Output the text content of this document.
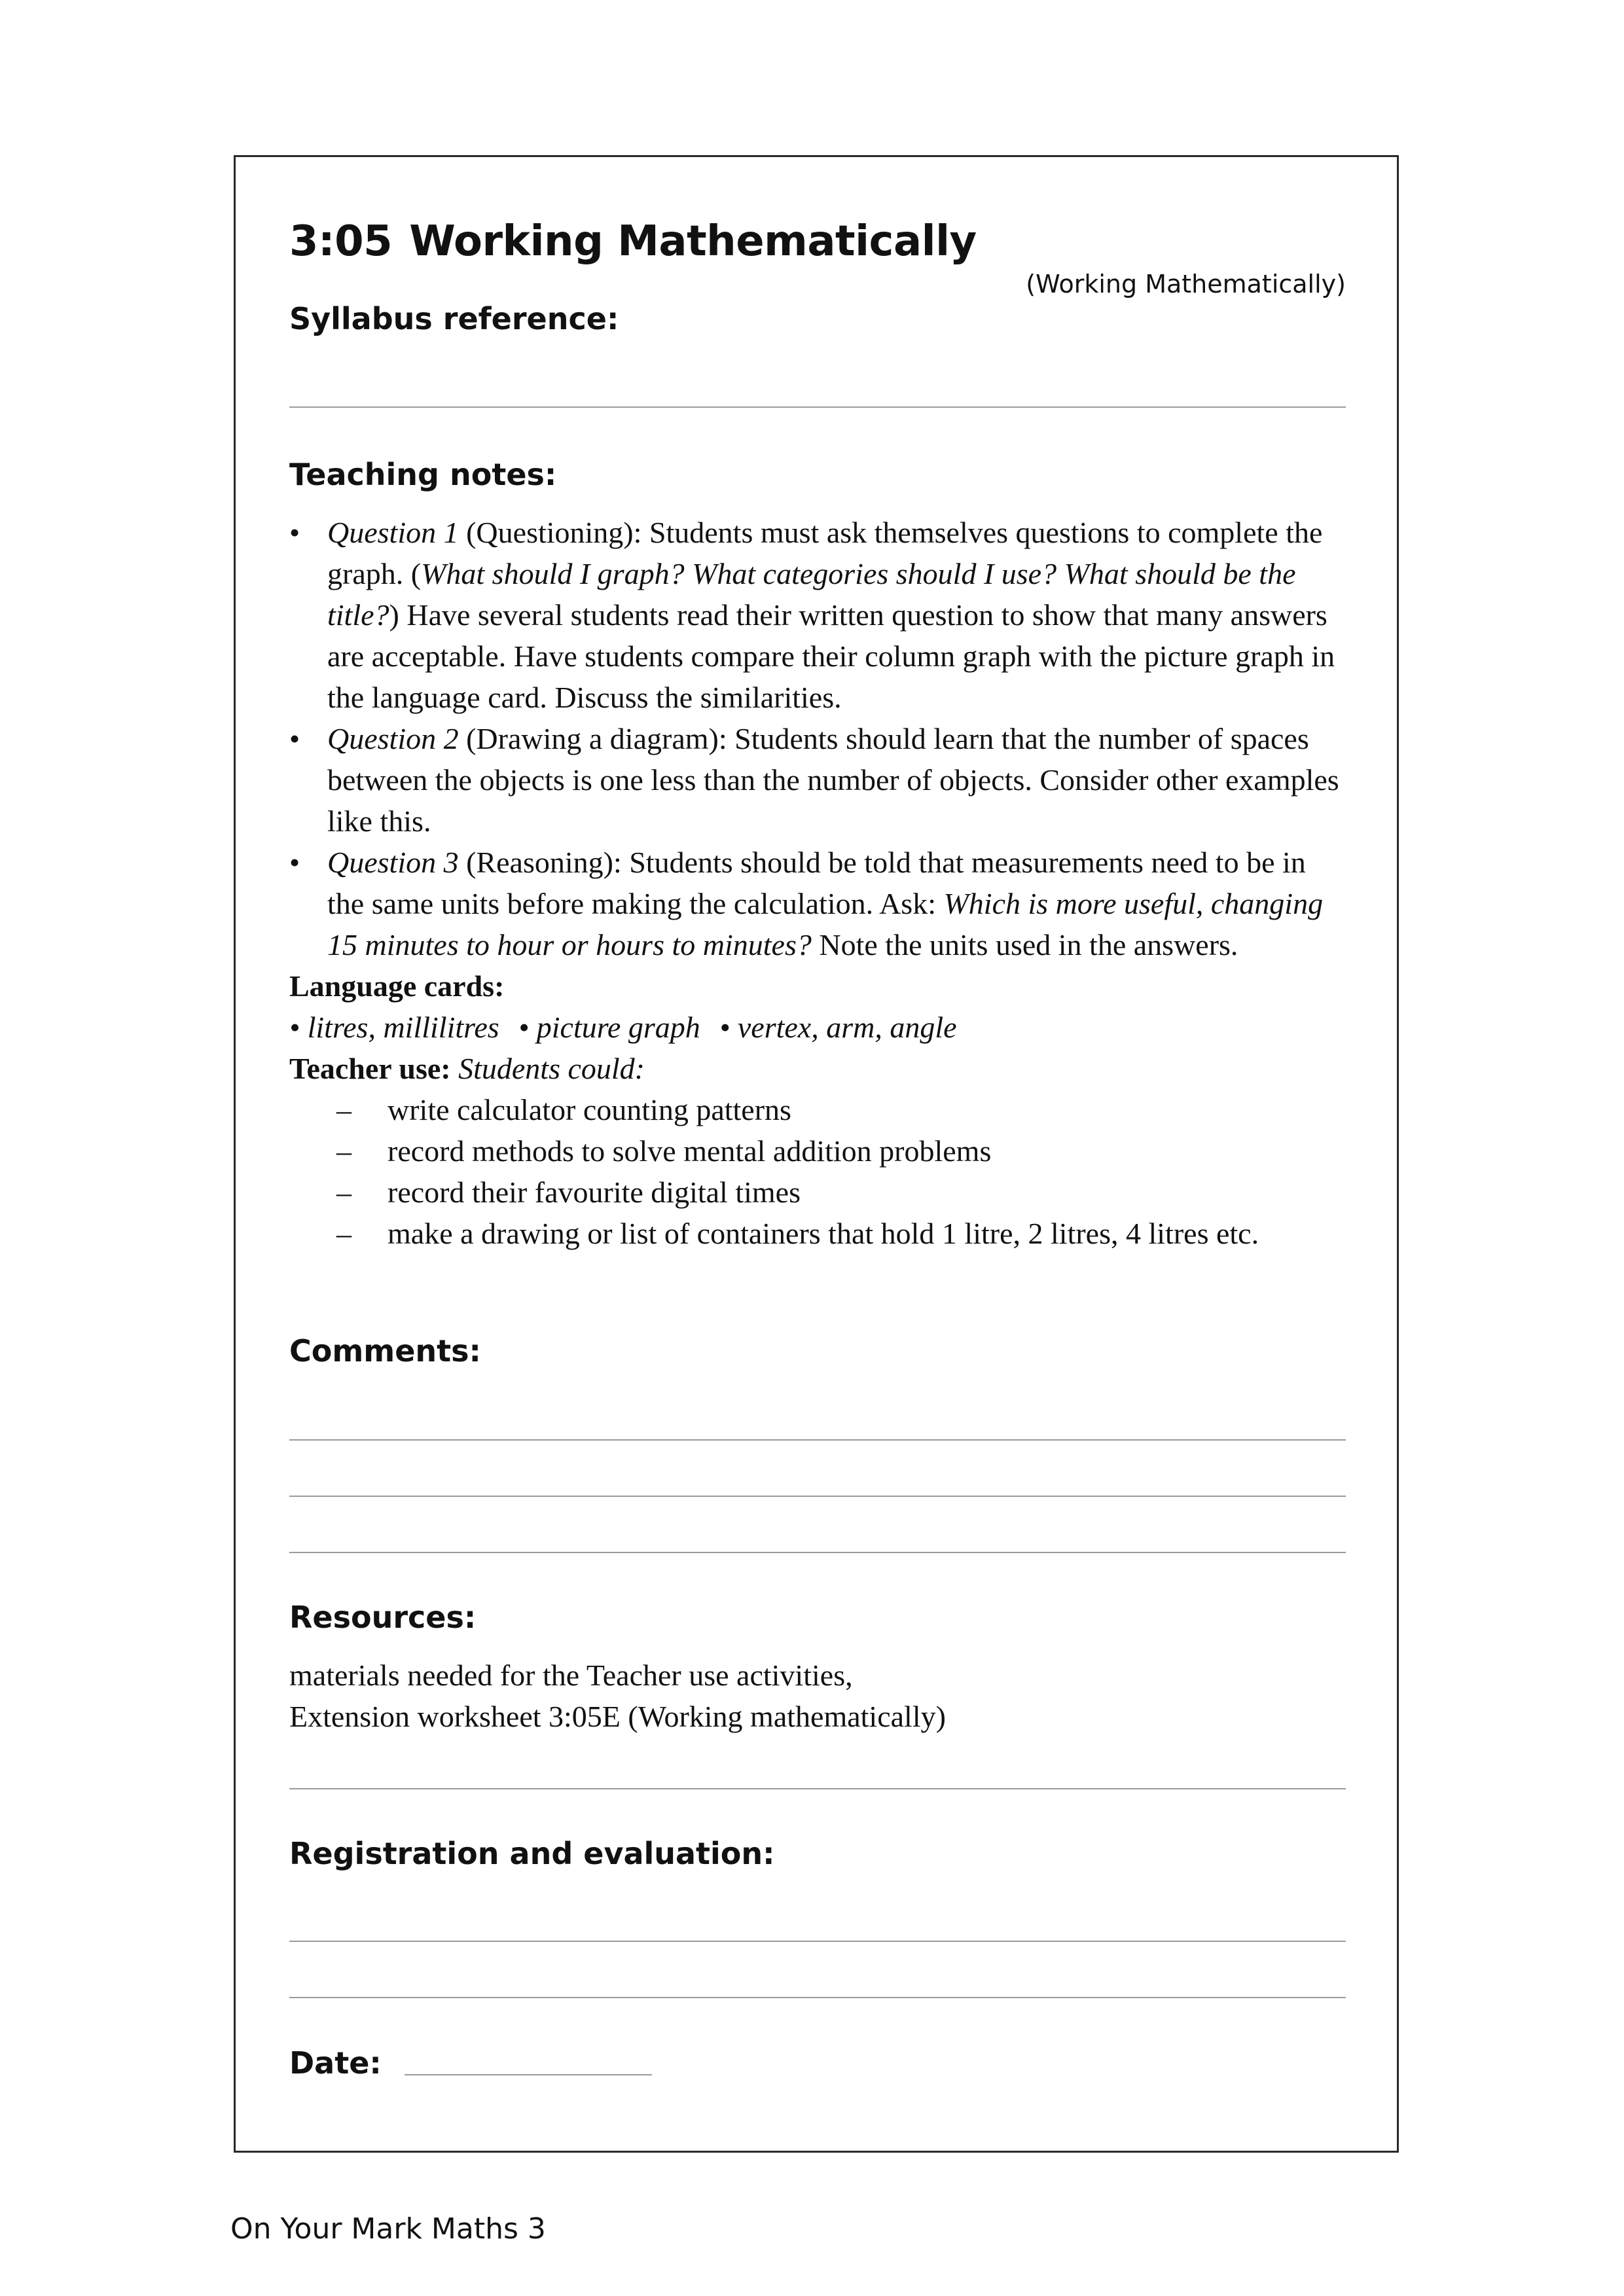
3:05 Working Mathematically
(Working Mathematically)
Syllabus reference:
Teaching notes:
• Question 1 (Questioning): Students must ask themselves questions to complete the graph. (What should I graph? What categories should I use? What should be the title?) Have several students read their written question to show that many answers are acceptable. Have students compare their column graph with the picture graph in the language card. Discuss the similarities.
• Question 2 (Drawing a diagram): Students should learn that the number of spaces between the objects is one less than the number of objects. Consider other examples like this.
• Question 3 (Reasoning): Students should be told that measurements need to be in the same units before making the calculation. Ask: Which is more useful, changing 15 minutes to hour or hours to minutes? Note the units used in the answers.
Language cards:
• litres, millilitres • picture graph • vertex, arm, angle
Teacher use: Students could:
– write calculator counting patterns
– record methods to solve mental addition problems
– record their favourite digital times
– make a drawing or list of containers that hold 1 litre, 2 litres, 4 litres etc.
Comments:
Resources:
materials needed for the Teacher use activities,
Extension worksheet 3:05E (Working mathematically)
Registration and evaluation:
Date:
On Your Mark Maths 3
